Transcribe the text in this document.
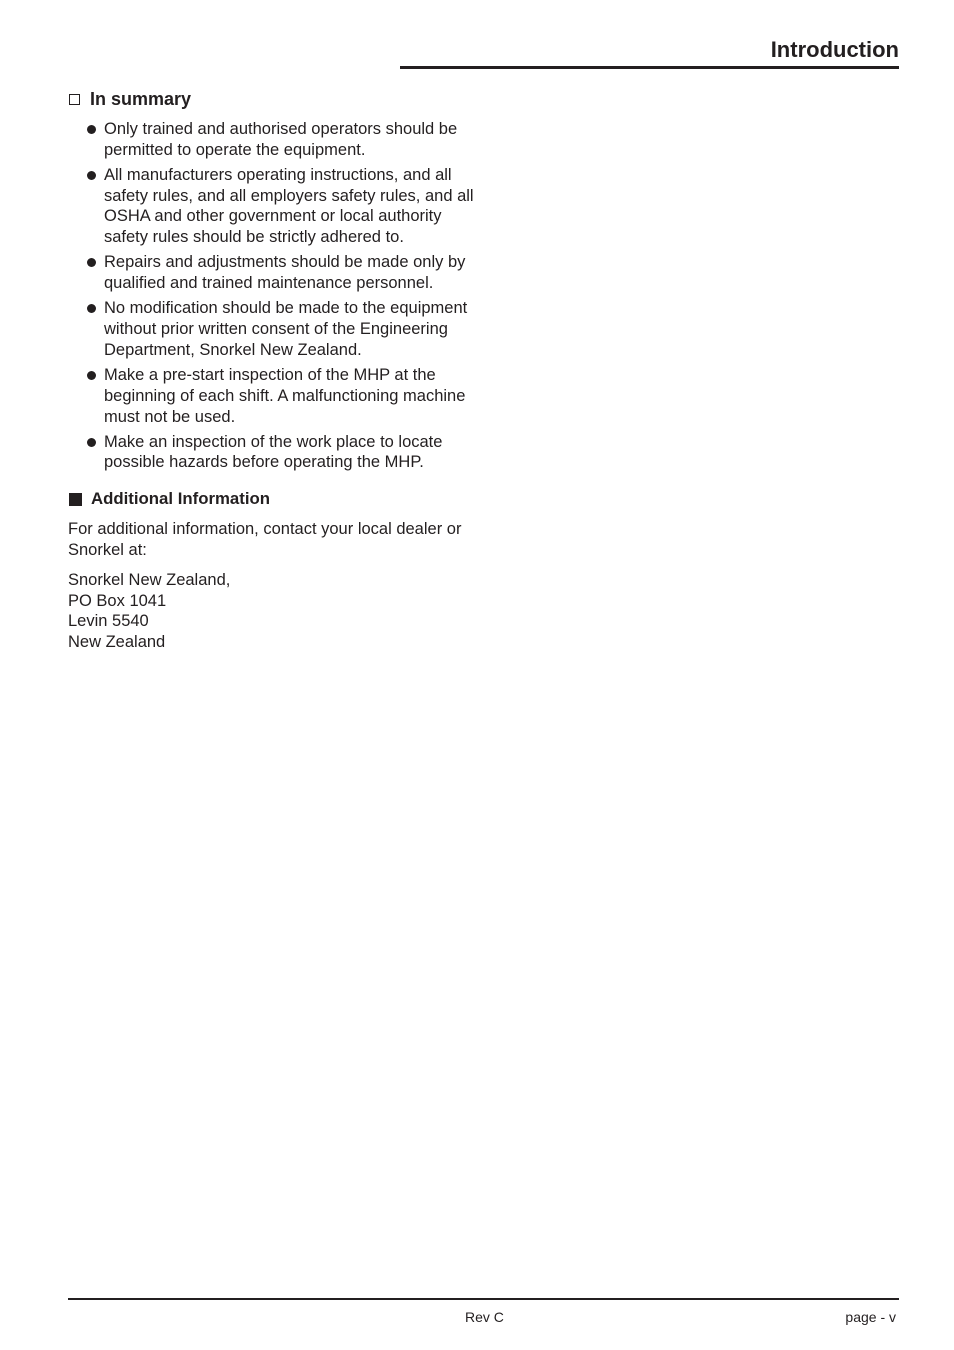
Introduction
In summary
Only trained and authorised operators should be permitted to operate the equipment.
All manufacturers operating instructions, and all safety rules, and all employers safety rules, and all OSHA and other government or local authority safety rules should be strictly adhered to.
Repairs and adjustments should be made only by qualified and trained maintenance personnel.
No modification should be made to the equipment without prior written consent of the Engineering Department, Snorkel New Zealand.
Make a pre-start inspection of the MHP at the beginning of each shift. A malfunctioning machine must not be used.
Make an inspection of the work place to locate possible hazards before operating the MHP.
Additional Information

For additional information, contact your local dealer or Snorkel at:

Snorkel New Zealand,
PO Box 1041
Levin 5540
New Zealand
Rev C	page - v
